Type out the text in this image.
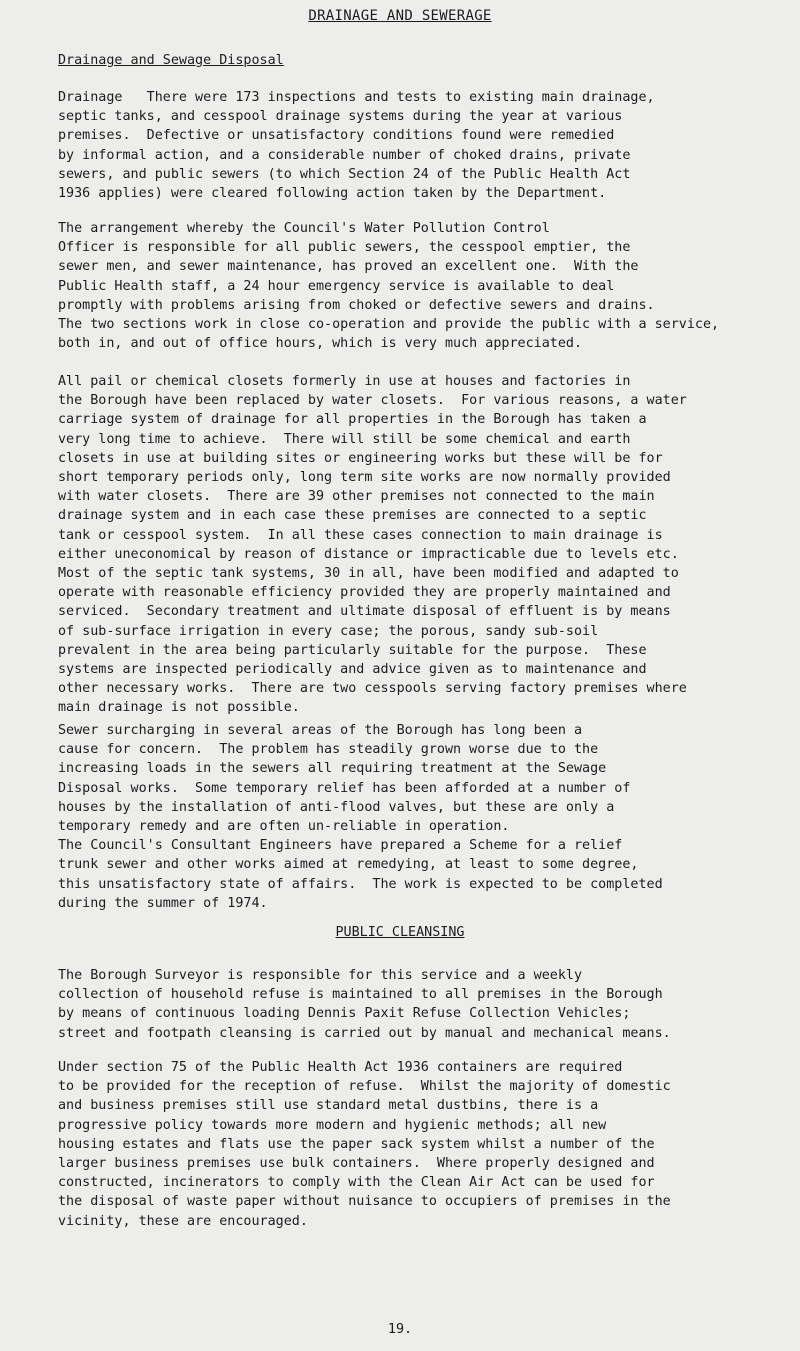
DRAINAGE AND SEWERAGE
Drainage and Sewage Disposal
Drainage   There were 173 inspections and tests to existing main drainage,
septic tanks, and cesspool drainage systems during the year at various
premises.  Defective or unsatisfactory conditions found were remedied
by informal action, and a considerable number of choked drains, private
sewers, and public sewers (to which Section 24 of the Public Health Act
1936 applies) were cleared following action taken by the Department.
The arrangement whereby the Council's Water Pollution Control
Officer is responsible for all public sewers, the cesspool emptier, the
sewer men, and sewer maintenance, has proved an excellent one.  With the
Public Health staff, a 24 hour emergency service is available to deal
promptly with problems arising from choked or defective sewers and drains.
The two sections work in close co-operation and provide the public with a service,
both in, and out of office hours, which is very much appreciated.
All pail or chemical closets formerly in use at houses and factories in
the Borough have been replaced by water closets.  For various reasons, a water
carriage system of drainage for all properties in the Borough has taken a
very long time to achieve.  There will still be some chemical and earth
closets in use at building sites or engineering works but these will be for
short temporary periods only, long term site works are now normally provided
with water closets.  There are 39 other premises not connected to the main
drainage system and in each case these premises are connected to a septic
tank or cesspool system.  In all these cases connection to main drainage is
either uneconomical by reason of distance or impracticable due to levels etc.
Most of the septic tank systems, 30 in all, have been modified and adapted to
operate with reasonable efficiency provided they are properly maintained and
serviced.  Secondary treatment and ultimate disposal of effluent is by means
of sub-surface irrigation in every case; the porous, sandy sub-soil
prevalent in the area being particularly suitable for the purpose.  These
systems are inspected periodically and advice given as to maintenance and
other necessary works.  There are two cesspools serving factory premises where
main drainage is not possible.
Sewer surcharging in several areas of the Borough has long been a
cause for concern.  The problem has steadily grown worse due to the
increasing loads in the sewers all requiring treatment at the Sewage
Disposal works.  Some temporary relief has been afforded at a number of
houses by the installation of anti-flood valves, but these are only a
temporary remedy and are often un-reliable in operation.
The Council's Consultant Engineers have prepared a Scheme for a relief
trunk sewer and other works aimed at remedying, at least to some degree,
this unsatisfactory state of affairs.  The work is expected to be completed
during the summer of 1974.
PUBLIC CLEANSING
The Borough Surveyor is responsible for this service and a weekly
collection of household refuse is maintained to all premises in the Borough
by means of continuous loading Dennis Paxit Refuse Collection Vehicles;
street and footpath cleansing is carried out by manual and mechanical means.
Under section 75 of the Public Health Act 1936 containers are required
to be provided for the reception of refuse.  Whilst the majority of domestic
and business premises still use standard metal dustbins, there is a
progressive policy towards more modern and hygienic methods; all new
housing estates and flats use the paper sack system whilst a number of the
larger business premises use bulk containers.  Where properly designed and
constructed, incinerators to comply with the Clean Air Act can be used for
the disposal of waste paper without nuisance to occupiers of premises in the
vicinity, these are encouraged.
19.
